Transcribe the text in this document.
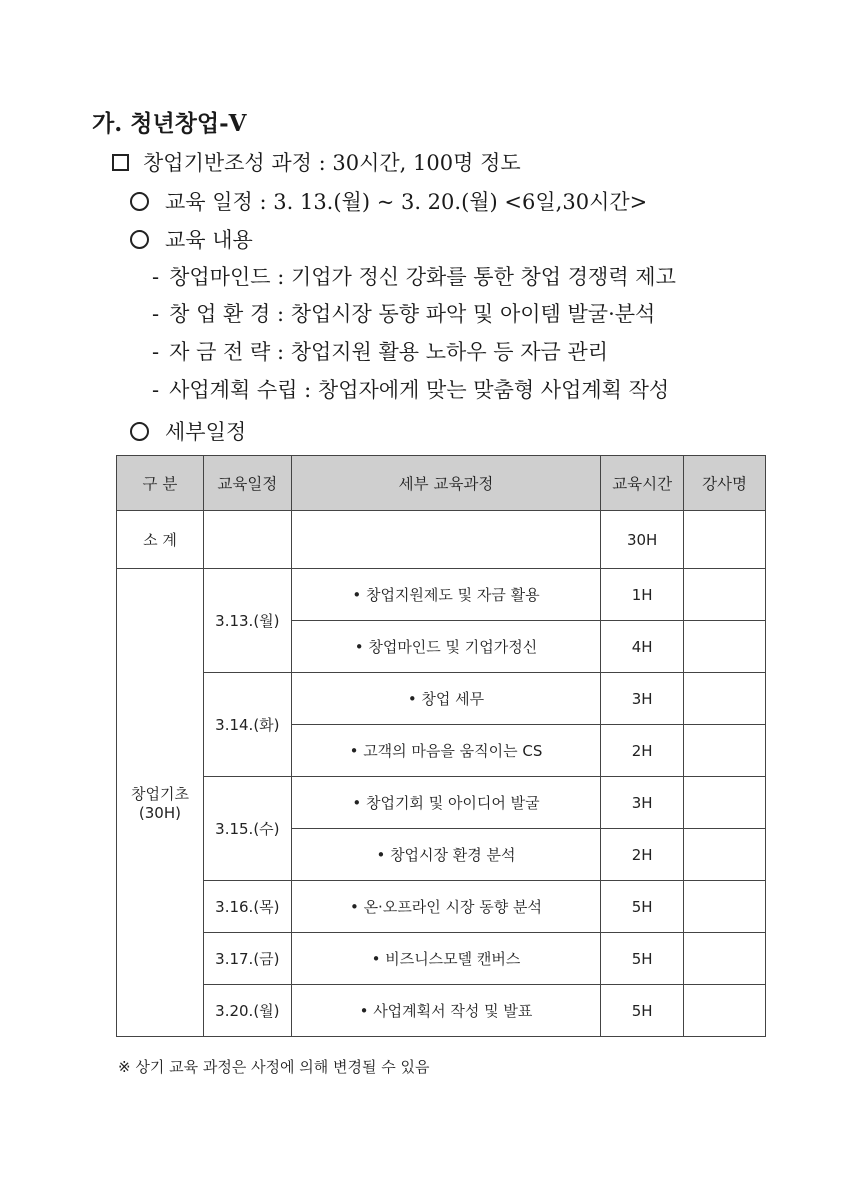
가. 청년창업-V
창업기반조성 과정 : 30시간, 100명 정도
교육 일정 : 3. 13.(월) ~ 3. 20.(월) <6일,30시간>
교육 내용
- 창업마인드 : 기업가 정신 강화를 통한 창업 경쟁력 제고
- 창 업 환 경 : 창업시장 동향 파악 및 아이템 발굴·분석
- 자 금 전 략 : 창업지원 활용 노하우 등 자금 관리
- 사업계획 수립 : 창업자에게 맞는 맞춤형 사업계획 작성
세부일정
구 분	교육일정	세부 교육과정	교육시간	강사명
소 계			30H	

창업기초
(30H)	3.13.(월)	• 창업지원제도 및 자금 활용	1H	
		• 창업마인드 및 기업가정신	4H	
	3.14.(화)	• 창업 세무	3H	
		• 고객의 마음을 움직이는 CS	2H	
	3.15.(수)	• 창업기회 및 아이디어 발굴	3H	
		• 창업시장 환경 분석	2H	
	3.16.(목)	• 온·오프라인 시장 동향 분석	5H	
	3.17.(금)	• 비즈니스모델 캔버스	5H	
	3.20.(월)	• 사업계획서 작성 및 발표	5H	
※ 상기 교육 과정은 사정에 의해 변경될 수 있음
